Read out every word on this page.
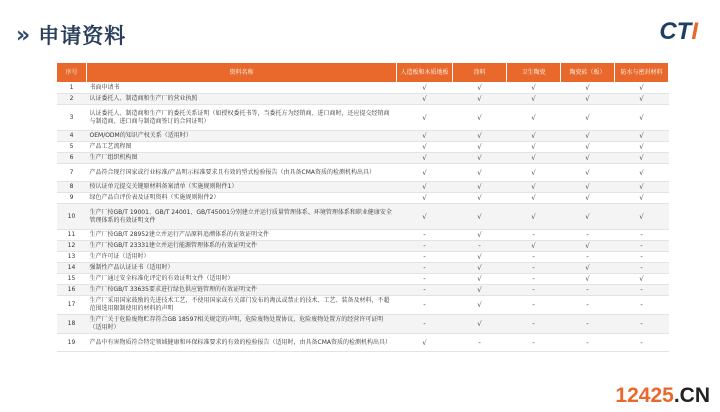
» 申请资料	CTI
序号	资料名称	人造板和木质地板	涂料	卫生陶瓷	陶瓷砖（板）	防水与密封材料
1	书面申请书	√	√	√	√	√
2	认证委托人、制造商和生产厂的营业执照	√	√	√	√	√
3	认证委托人、制造商和生产厂的委托关系证明（如授权委托书等，当委托方为经销商、进口商时，还应提交经销商与制造商、进口商与制造商签订的合同证明）	√	√	√	√	√
4	OEM/ODM的知识产权关系（适用时）	√	√	√	√	√
5	产品工艺流程图	√	√	√	√	√
6	生产厂组织机构图	√	√	√	√	√
7	产品符合现行国家或行业标准/产品明示标准要求且有效的型式检验报告（由具备CMA资质的检测机构出具）	√	√	√	√	√
8	按认证单元提交关键原材料备案清单（实施规则附件1）	√	√	√	√	√
9	绿色产品自评价表及证明资料（实施规则附件2）	√	√	√	√	√
10	生产厂按GB/T 19001、GB/T 24001、GB/T45001分别建立并运行质量管理体系、环境管理体系和职业健康安全管理体系的有效证明文件	√	√	√	√	√
11	生产厂按GB/T 28952建立并运行产品原料追溯体系的有效证明文件	-	√	-	-	-
12	生产厂按GB/T 23331建立并运行能源管理体系的有效证明文件	-	-	√	√	-
13	生产许可证（适用时）	-	√	-	-	-
14	强制性产品认证证书（适用时）	-	√	-	√	-
15	生产厂通过安全标准化评定的有效证明文件（适用时）	-	√	-	√	√
16	生产厂按GB/T 33635要求进行绿色供应链管理的有效证明文件	-	√	-	-	-
17	生产厂采用国家鼓励的先进技术工艺，不使用国家或有关部门发布的淘汰或禁止的技术、工艺、装备及材料，不超范围选用限制使用的材料的声明	-	√	-	-	-
18	生产厂关于危险废物贮存符合GB 18597相关规定的声明，危险废物处置协议，危险废物处置方的经营许可证明（适用时）	-	√	-	-	-
19	产品中有害物质符合特定领域健康和环保标准要求的有效的检验报告（适用时，由具备CMA资质的检测机构出具）	√	-	-	-	-
12425.CN
